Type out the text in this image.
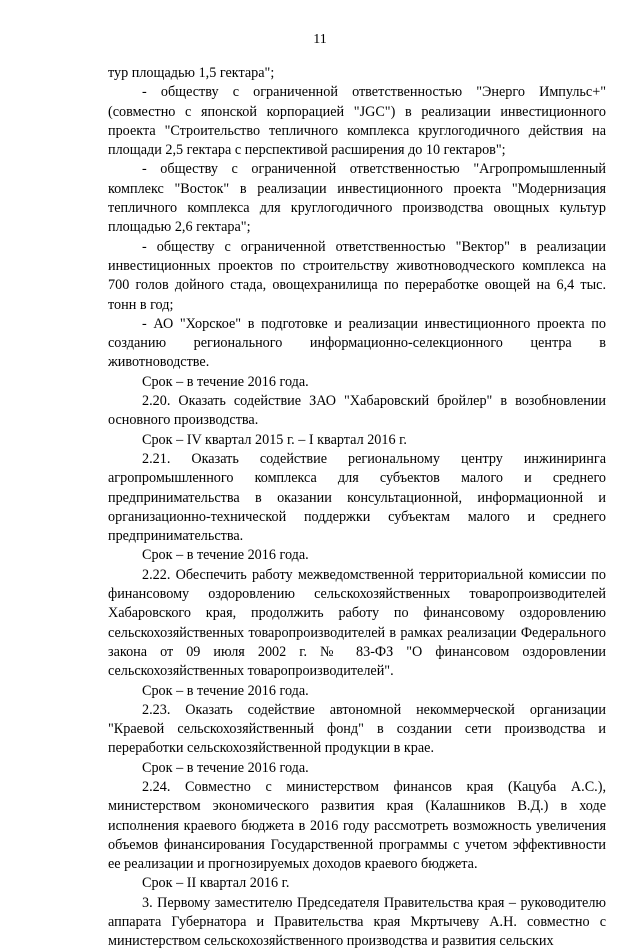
11

тур площадью 1,5 гектара";

- обществу с ограниченной ответственностью "Энерго Импульс+" (совместно с японской корпорацией "JGC") в реализации инвестиционного проекта "Строительство тепличного комплекса круглогодичного действия на площади 2,5 гектара с перспективой расширения до 10 гектаров";

- обществу с ограниченной ответственностью "Агропромышленный комплекс "Восток" в реализации инвестиционного проекта "Модернизация тепличного комплекса для круглогодичного производства овощных культур площадью 2,6 гектара";

- обществу с ограниченной ответственностью "Вектор" в реализации инвестиционных проектов по строительству животноводческого комплекса на 700 голов дойного стада, овощехранилища по переработке овощей на 6,4 тыс. тонн в год;

- АО "Хорское" в подготовке и реализации инвестиционного проекта по созданию регионального информационно-селекционного центра в животноводстве.

Срок – в течение 2016 года.

2.20. Оказать содействие ЗАО "Хабаровский бройлер" в возобновлении основного производства.

Срок – IV квартал 2015 г. – I квартал 2016 г.

2.21. Оказать содействие региональному центру инжиниринга агропромышленного комплекса для субъектов малого и среднего предпринимательства в оказании консультационной, информационной и организационно-технической поддержки субъектам малого и среднего предпринимательства.

Срок – в течение 2016 года.

2.22. Обеспечить работу межведомственной территориальной комиссии по финансовому оздоровлению сельскохозяйственных товаропроизводителей Хабаровского края, продолжить работу по финансовому оздоровлению сельскохозяйственных товаропроизводителей в рамках реализации Федерального закона от 09 июля 2002 г. № 83-ФЗ "О финансовом оздоровлении сельскохозяйственных товаропроизводителей".

Срок – в течение 2016 года.

2.23. Оказать содействие автономной некоммерческой организации "Краевой сельскохозяйственный фонд" в создании сети производства и переработки сельскохозяйственной продукции в крае.

Срок – в течение 2016 года.

2.24. Совместно с министерством финансов края (Кацуба А.С.), министерством экономического развития края (Калашников В.Д.) в ходе исполнения краевого бюджета в 2016 году рассмотреть возможность увеличения объемов финансирования Государственной программы с учетом эффективности ее реализации и прогнозируемых доходов краевого бюджета.

Срок – II квартал 2016 г.

3. Первому заместителю Председателя Правительства края – руководителю аппарата Губернатора и Правительства края Мкртычеву А.Н. совместно с министерством сельскохозяйственного производства и развития сельских
